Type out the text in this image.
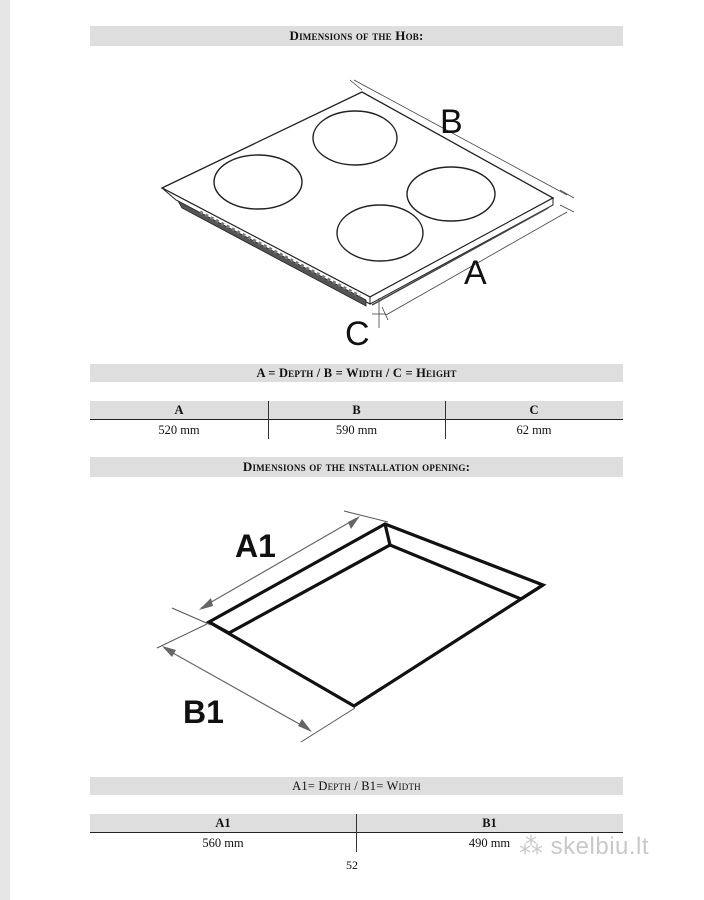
Dimensions of the Hob:
B
A
C
A = Depth / B = Width / C = Height
A	B	C
520 mm	590 mm	62 mm
Dimensions of the installation opening:
A1
B1
A1= Depth / B1= Width
A1	B1
560 mm	490 mm ⁂ skelbiu.lt
52
